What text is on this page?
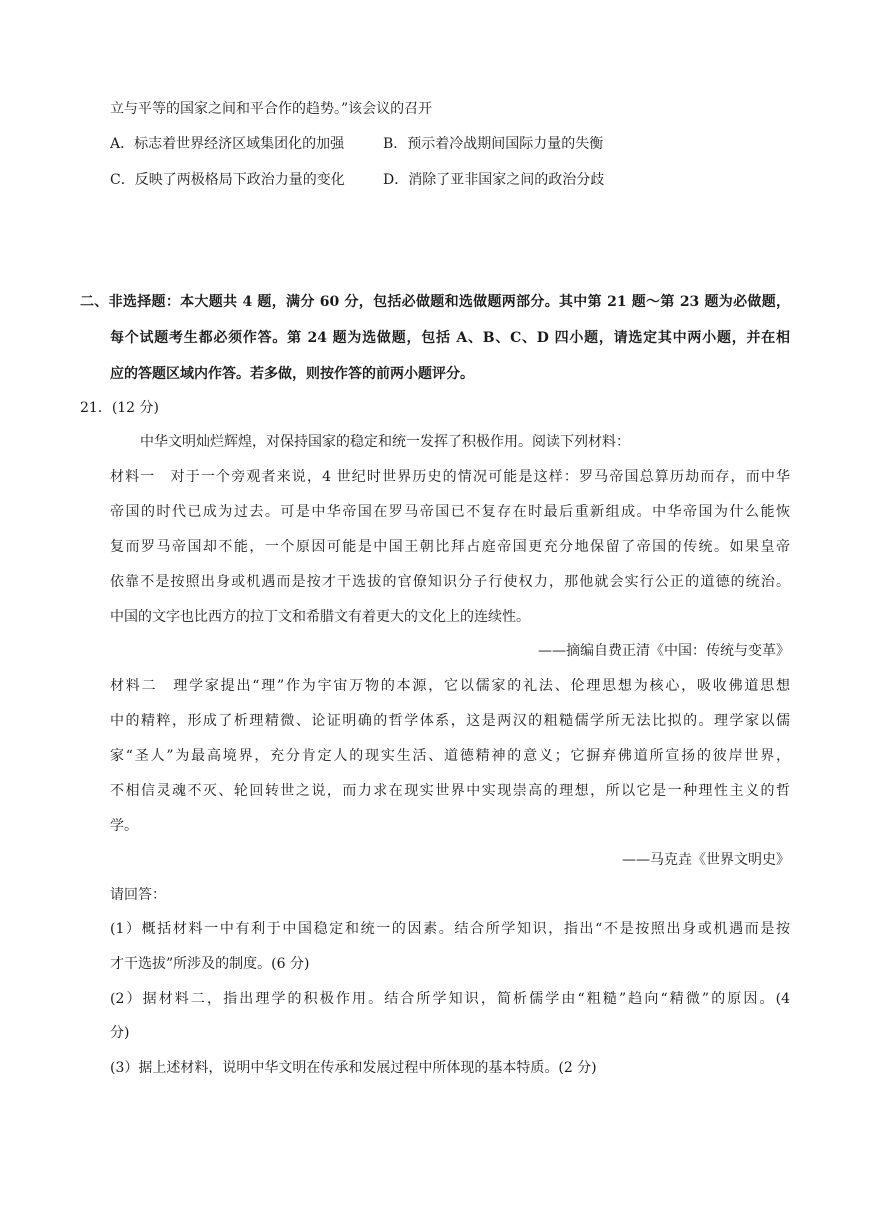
立与平等的国家之间和平合作的趋势。”该会议的召开
A．标志着世界经济区域集团化的加强	B．预示着冷战期间国际力量的失衡
C．反映了两极格局下政治力量的变化	D．消除了亚非国家之间的政治分歧
二、非选择题：本大题共 4 题，满分 60 分，包括必做题和选做题两部分。其中第 21 题～第 23 题为必做题，
每个试题考生都必须作答。第 24 题为选做题，包括 A、B、C、D 四小题，请选定其中两小题，并在相
应的答题区域内作答。若多做，则按作答的前两小题评分。
21．(12 分)
中华文明灿烂辉煌，对保持国家的稳定和统一发挥了积极作用。阅读下列材料：
材料一　对于一个旁观者来说，4 世纪时世界历史的情况可能是这样：罗马帝国总算历劫而存，而中华
帝国的时代已成为过去。可是中华帝国在罗马帝国已不复存在时最后重新组成。中华帝国为什么能恢
复而罗马帝国却不能，一个原因可能是中国王朝比拜占庭帝国更充分地保留了帝国的传统。如果皇帝
依靠不是按照出身或机遇而是按才干选拔的官僚知识分子行使权力，那他就会实行公正的道德的统治。
中国的文字也比西方的拉丁文和希腊文有着更大的文化上的连续性。
——摘编自费正清《中国：传统与变革》
材料二　理学家提出“理”作为宇宙万物的本源，它以儒家的礼法、伦理思想为核心，吸收佛道思想
中的精粹，形成了析理精微、论证明确的哲学体系，这是两汉的粗糙儒学所无法比拟的。理学家以儒
家“圣人”为最高境界，充分肯定人的现实生活、道德精神的意义；它摒弃佛道所宣扬的彼岸世界，
不相信灵魂不灭、轮回转世之说，而力求在现实世界中实现崇高的理想，所以它是一种理性主义的哲
学。
——马克垚《世界文明史》
请回答：
(1）概括材料一中有利于中国稳定和统一的因素。结合所学知识，指出“不是按照出身或机遇而是按
才干选拔”所涉及的制度。(6 分)
(2）据材料二，指出理学的积极作用。结合所学知识，简析儒学由“粗糙”趋向“精微”的原因。(4
分)
(3）据上述材料，说明中华文明在传承和发展过程中所体现的基本特质。(2 分)
